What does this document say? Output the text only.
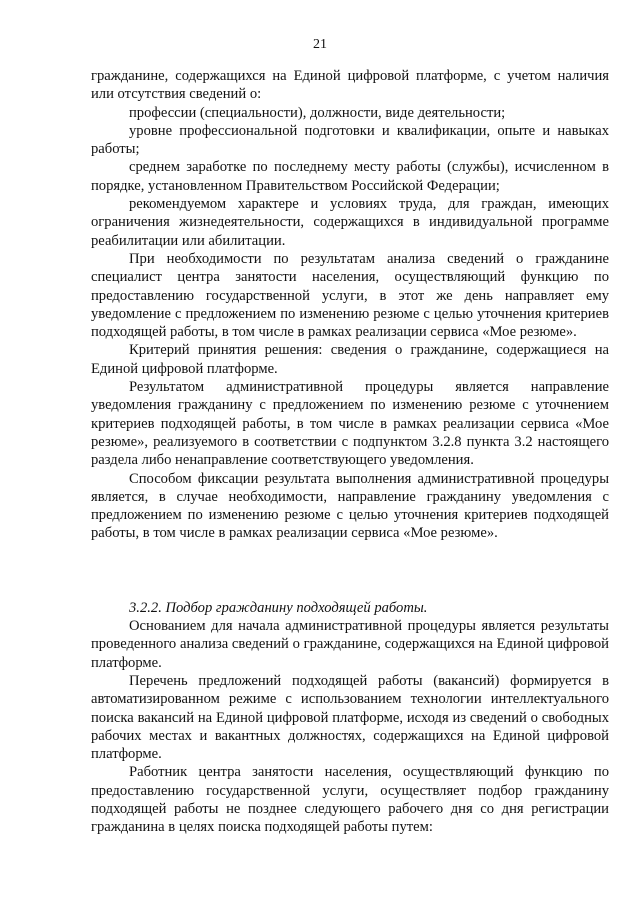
21

гражданине, содержащихся на Единой цифровой платформе, с учетом наличия или отсутствия сведений о:

профессии (специальности), должности, виде деятельности;

уровне профессиональной подготовки и квалификации, опыте и навыках работы;

среднем заработке по последнему месту работы (службы), исчисленном в порядке, установленном Правительством Российской Федерации;

рекомендуемом характере и условиях труда, для граждан, имеющих ограничения жизнедеятельности, содержащихся в индивидуальной программе реабилитации или абилитации.

При необходимости по результатам анализа сведений о гражданине специалист центра занятости населения, осуществляющий функцию по предоставлению государственной услуги, в этот же день направляет ему уведомление с предложением по изменению резюме с целью уточнения критериев подходящей работы, в том числе в рамках реализации сервиса «Мое резюме».

Критерий принятия решения: сведения о гражданине, содержащиеся на Единой цифровой платформе.

Результатом административной процедуры является направление уведомления гражданину с предложением по изменению резюме с уточнением критериев подходящей работы, в том числе в рамках реализации сервиса «Мое резюме», реализуемого в соответствии с подпунктом 3.2.8 пункта 3.2 настоящего раздела либо ненаправление соответствующего уведомления.

Способом фиксации результата выполнения административной процедуры является, в случае необходимости, направление гражданину уведомления с предложением по изменению резюме с целью уточнения критериев подходящей работы, в том числе в рамках реализации сервиса «Мое резюме».

3.2.2. Подбор гражданину подходящей работы.

Основанием для начала административной процедуры является результаты проведенного анализа сведений о гражданине, содержащихся на Единой цифровой платформе.

Перечень предложений подходящей работы (вакансий) формируется в автоматизированном режиме с использованием технологии интеллектуального поиска вакансий на Единой цифровой платформе, исходя из сведений о свободных рабочих местах и вакантных должностях, содержащихся на Единой цифровой платформе.

Работник центра занятости населения, осуществляющий функцию по предоставлению государственной услуги, осуществляет подбор гражданину подходящей работы не позднее следующего рабочего дня со дня регистрации гражданина в целях поиска подходящей работы путем:
